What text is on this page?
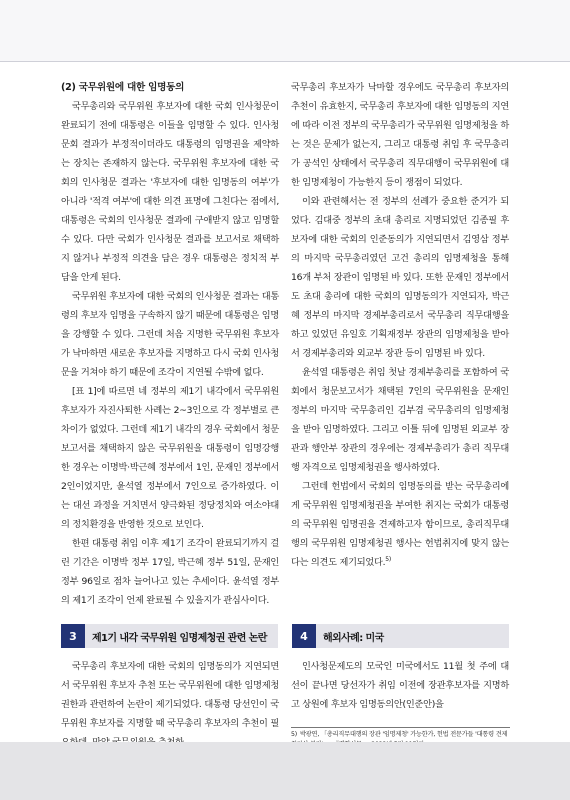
(2) 국무위원에 대한 임명동의

국무총리와 국무위원 후보자에 대한 국회 인사청문이 완료되기 전에 대통령은 이들을 임명할 수 있다. 인사청문회 결과가 부정적이더라도 대통령의 임명권을 제약하는 장치는 존재하지 않는다. 국무위원 후보자에 대한 국회의 인사청문 결과는 '후보자에 대한 임명동의 여부'가 아니라 '적격 여부'에 대한 의견 표명에 그친다는 점에서, 대통령은 국회의 인사청문 결과에 구애받지 않고 임명할 수 있다. 다만 국회가 인사청문 결과를 보고서로 채택하지 않거나 부정적 의견을 담은 경우 대통령은 정치적 부담을 안게 된다.

국무위원 후보자에 대한 국회의 인사청문 결과는 대통령의 후보자 임명을 구속하지 않기 때문에 대통령은 임명을 강행할 수 있다. 그런데 처음 지명한 국무위원 후보자가 낙마하면 새로운 후보자를 지명하고 다시 국회 인사청문을 거쳐야 하기 때문에 조각이 지연될 수밖에 없다.

[표 1]에 따르면 네 정부의 제1기 내각에서 국무위원 후보자가 자진사퇴한 사례는 2~3인으로 각 정부별로 큰 차이가 없었다. 그런데 제1기 내각의 경우 국회에서 청문보고서를 채택하지 않은 국무위원을 대통령이 임명강행한 경우는 이명박·박근혜 정부에서 1인, 문재인 정부에서 2인이었지만, 윤석열 정부에서 7인으로 증가하였다. 이는 대선 과정을 거치면서 양극화된 정당정치와 여소야대의 정치환경을 반영한 것으로 보인다.

한편 대통령 취임 이후 제1기 조각이 완료되기까지 걸린 기간은 이명박 정부 17일, 박근혜 정부 51일, 문재인 정부 96일로 점차 늘어나고 있는 추세이다. 윤석열 정부의 제1기 조각이 언제 완료될 수 있을지가 관심사이다.

국무총리 후보자가 낙마할 경우에도 국무총리 후보자의 추천이 유효한지, 국무총리 후보자에 대한 임명동의 지연에 따라 이전 정부의 국무총리가 국무위원 임명제청을 하는 것은 문제가 없는지, 그리고 대통령 취임 후 국무총리가 공석인 상태에서 국무총리 직무대행이 국무위원에 대한 임명제청이 가능한지 등이 쟁점이 되었다.

이와 관련해서는 전 정부의 선례가 중요한 준거가 되었다. 김대중 정부의 초대 총리로 지명되었던 김종필 후보자에 대한 국회의 인준동의가 지연되면서 김영삼 정부의 마지막 국무총리였던 고건 총리의 임명제청을 통해 16개 부처 장관이 임명된 바 있다. 또한 문재인 정부에서도 초대 총리에 대한 국회의 임명동의가 지연되자, 박근혜 정부의 마지막 경제부총리로서 국무총리 직무대행을 하고 있었던 유일호 기획재정부 장관의 임명제청을 받아서 경제부총리와 외교부 장관 등이 임명된 바 있다.

윤석열 대통령은 취임 첫날 경제부총리를 포함하여 국회에서 청문보고서가 채택된 7인의 국무위원을 문재인 정부의 마지막 국무총리인 김부겸 국무총리의 임명제청을 받아 임명하였다. 그리고 이틀 뒤에 임명된 외교부 장관과 행안부 장관의 경우에는 경제부총리가 총리 직무대행 자격으로 임명제청권을 행사하였다.

그런데 헌법에서 국회의 임명동의를 받는 국무총리에게 국무위원 임명제청권을 부여한 취지는 국회가 대통령의 국무위원 임명권을 견제하고자 함이므로, 총리직무대행의 국무위원 임명제청권 행사는 헌법취지에 맞지 않는다는 의견도 제기되었다.$^{5)}$

3	제1기 내각 국무위원 임명제청권 관련 논란	4	해외사례: 미국

국무총리 후보자에 대한 국회의 임명동의가 지연되면서 국무위원 후보자 추천 또는 국무위원에 대한 임명제청 권한과 관련하여 논란이 제기되었다. 대통령 당선인이 국무위원 후보자를 지명할 때 국무총리 후보자의 추천이 필

인사청문제도의 모국인 미국에서도 11월 첫 주에 대선이 끝나면 당선자가 취임 이전에 장관후보자를 지명하고 상원에 후보자 임명동의안(인준안)을

5) 박광연, 「총리직무대행의 장관 '임명제청' 가능한가, 헌법 전문가들 '대통령 견제
